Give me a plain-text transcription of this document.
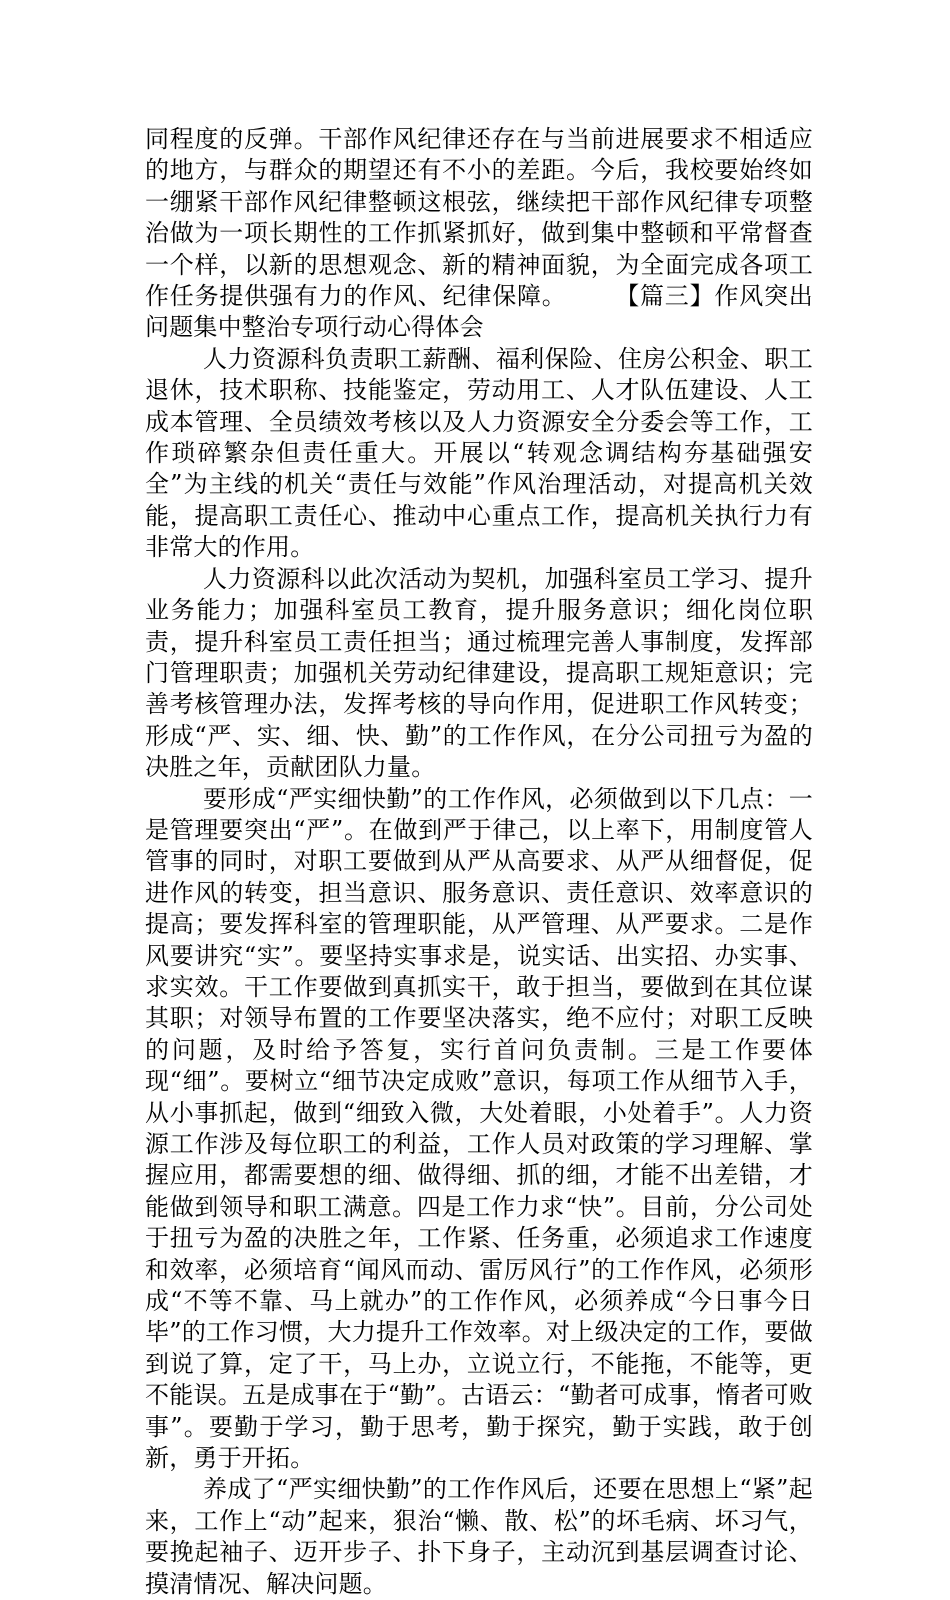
同程度的反弹。干部作风纪律还存在与当前进展要求不相适应的地方，与群众的期望还有不小的差距。今后，我校要始终如一绷紧干部作风纪律整顿这根弦，继续把干部作风纪律专项整治做为一项长期性的工作抓紧抓好，做到集中整顿和平常督查一个样，以新的思想观念、新的精神面貌，为全面完成各项工作任务提供强有力的作风、纪律保障。 【篇三】作风突出问题集中整治专项行动心得体会

人力资源科负责职工薪酬、福利保险、住房公积金、职工退休，技术职称、技能鉴定，劳动用工、人才队伍建设、人工成本管理、全员绩效考核以及人力资源安全分委会等工作，工作琐碎繁杂但责任重大。开展以“转观念调结构夯基础强安全”为主线的机关“责任与效能”作风治理活动，对提高机关效能，提高职工责任心、推动中心重点工作，提高机关执行力有非常大的作用。

人力资源科以此次活动为契机，加强科室员工学习、提升业务能力；加强科室员工教育，提升服务意识；细化岗位职责，提升科室员工责任担当；通过梳理完善人事制度，发挥部门管理职责；加强机关劳动纪律建设，提高职工规矩意识；完善考核管理办法，发挥考核的导向作用，促进职工作风转变；形成“严、实、细、快、勤”的工作作风，在分公司扭亏为盈的决胜之年，贡献团队力量。

要形成“严实细快勤”的工作作风，必须做到以下几点：一是管理要突出“严”。在做到严于律己，以上率下，用制度管人管事的同时，对职工要做到从严从高要求、从严从细督促，促进作风的转变，担当意识、服务意识、责任意识、效率意识的提高；要发挥科室的管理职能，从严管理、从严要求。二是作风要讲究“实”。要坚持实事求是，说实话、出实招、办实事、求实效。干工作要做到真抓实干，敢于担当，要做到在其位谋其职；对领导布置的工作要坚决落实，绝不应付；对职工反映的问题，及时给予答复，实行首问负责制。三是工作要体现“细”。要树立“细节决定成败”意识，每项工作从细节入手，从小事抓起，做到“细致入微，大处着眼，小处着手”。人力资源工作涉及每位职工的利益，工作人员对政策的学习理解、掌握应用，都需要想的细、做得细、抓的细，才能不出差错，才能做到领导和职工满意。四是工作力求“快”。目前，分公司处于扭亏为盈的决胜之年，工作紧、任务重，必须追求工作速度和效率，必须培育“闻风而动、雷厉风行”的工作作风，必须形成“不等不靠、马上就办”的工作作风，必须养成“今日事今日毕”的工作习惯，大力提升工作效率。对上级决定的工作，要做到说了算，定了干，马上办，立说立行，不能拖，不能等，更不能误。五是成事在于“勤”。古语云：“勤者可成事，惰者可败事”。要勤于学习，勤于思考，勤于探究，勤于实践，敢于创新，勇于开拓。

养成了“严实细快勤”的工作作风后，还要在思想上“紧”起来，工作上“动”起来，狠治“懒、散、松”的坏毛病、坏习气，要挽起袖子、迈开步子、扑下身子，主动沉到基层调查讨论、摸清情况、解决问题。
